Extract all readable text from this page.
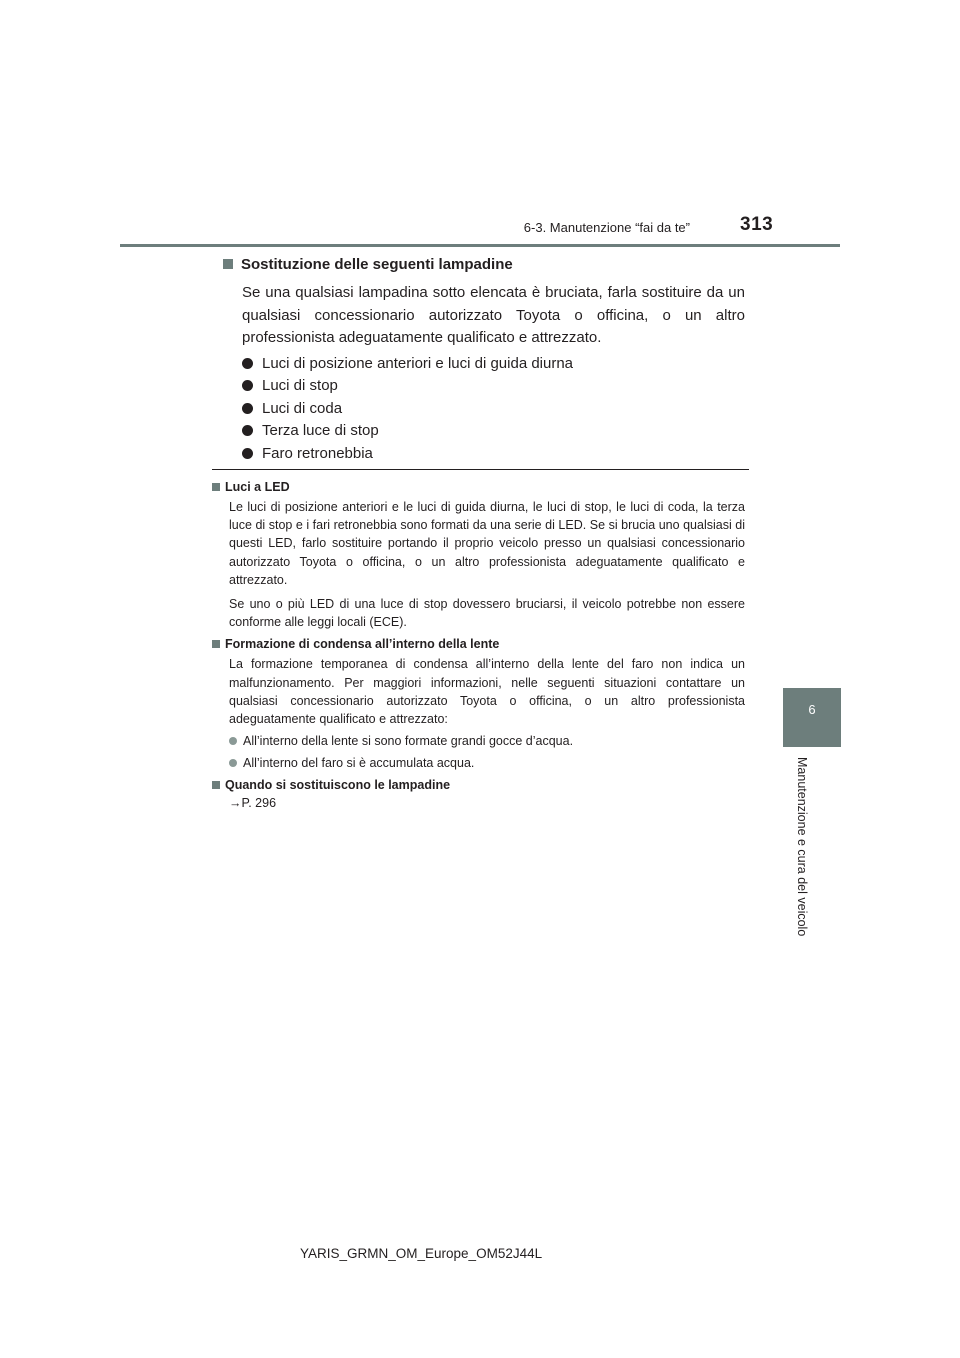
6-3. Manutenzione “fai da te”	313
6
Manutenzione e cura del veicolo
Sostituzione delle seguenti lampadine

Se una qualsiasi lampadina sotto elencata è bruciata, farla sostituire da un qualsiasi concessionario autorizzato Toyota o officina, o un altro professionista adeguatamente qualificato e attrezzato.

Luci di posizione anteriori e luci di guida diurna
Luci di stop
Luci di coda
Terza luce di stop
Faro retronebbia
Luci a LED

Le luci di posizione anteriori e le luci di guida diurna, le luci di stop, le luci di coda, la terza luce di stop e i fari retronebbia sono formati da una serie di LED. Se si brucia uno qualsiasi di questi LED, farlo sostituire portando il proprio veicolo presso un qualsiasi concessionario autorizzato Toyota o officina, o un altro professionista adeguatamente qualificato e attrezzato.

Se uno o più LED di una luce di stop dovessero bruciarsi, il veicolo potrebbe non essere conforme alle leggi locali (ECE).

Formazione di condensa all’interno della lente

La formazione temporanea di condensa all’interno della lente del faro non indica un malfunzionamento. Per maggiori informazioni, nelle seguenti situazioni contattare un qualsiasi concessionario autorizzato Toyota o officina, o un altro professionista adeguatamente qualificato e attrezzato:

All’interno della lente si sono formate grandi gocce d’acqua.
All’interno del faro si è accumulata acqua.
Quando si sostituiscono le lampadine
→P. 296
YARIS_GRMN_OM_Europe_OM52J44L
